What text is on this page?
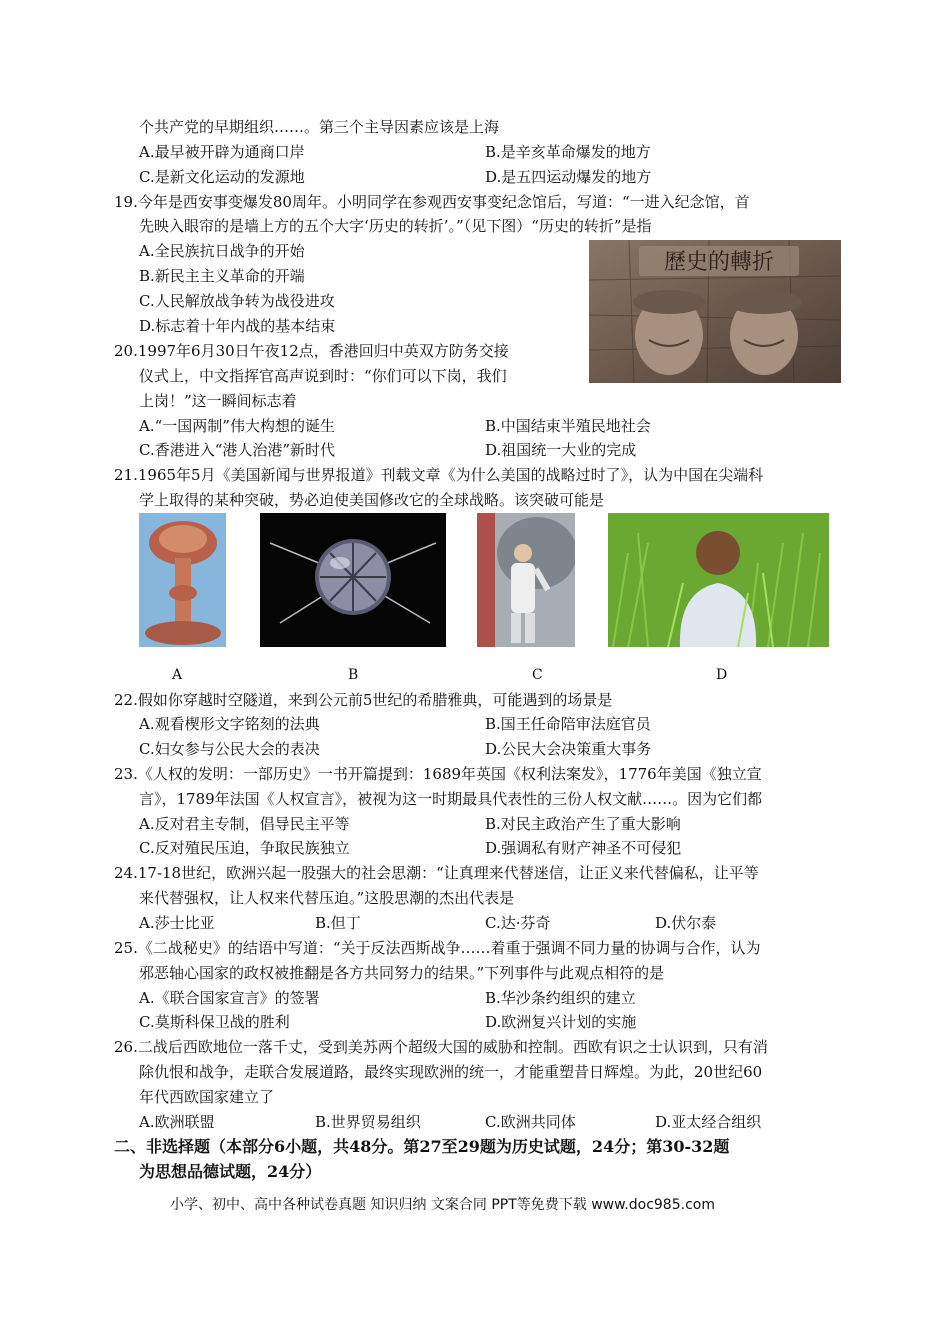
个共产党的早期组织……。第三个主导因素应该是上海
A.最早被开辟为通商口岸	B.是辛亥革命爆发的地方
C.是新文化运动的发源地	D.是五四运动爆发的地方
19.今年是西安事变爆发80周年。小明同学在参观西安事变纪念馆后，写道：“一进入纪念馆，首
先映入眼帘的是墙上方的五个大字‘历史的转折’。”（见下图）“历史的转折”是指
A.全民族抗日战争的开始
B.新民主主义革命的开端
C.人民解放战争转为战役进攻
D.标志着十年内战的基本结束
歷史的轉折
20.1997年6月30日午夜12点，香港回归中英双方防务交接
仪式上，中文指挥官高声说到时：“你们可以下岗，我们
上岗！”这一瞬间标志着
A.“一国两制”伟大构想的诞生	B.中国结束半殖民地社会
C.香港进入“港人治港”新时代	D.祖国统一大业的完成
21.1965年5月《美国新闻与世界报道》刊载文章《为什么美国的战略过时了》，认为中国在尖端科
学上取得的某种突破，势必迫使美国修改它的全球战略。该突破可能是
A	B	C	D
22.假如你穿越时空隧道，来到公元前5世纪的希腊雅典，可能遇到的场景是
A.观看楔形文字铭刻的法典	B.国王任命陪审法庭官员
C.妇女参与公民大会的表决	D.公民大会决策重大事务
23.《人权的发明：一部历史》一书开篇提到：1689年英国《权利法案发》，1776年美国《独立宣
言》，1789年法国《人权宣言》，被视为这一时期最具代表性的三份人权文献……。因为它们都
A.反对君主专制，倡导民主平等	B.对民主政治产生了重大影响
C.反对殖民压迫，争取民族独立	D.强调私有财产神圣不可侵犯
24.17-18世纪，欧洲兴起一股强大的社会思潮：“让真理来代替迷信，让正义来代替偏私，让平等
来代替强权，让人权来代替压迫。”这股思潮的杰出代表是
A.莎士比亚	B.但丁	C.达·芬奇	D.伏尔泰
25.《二战秘史》的结语中写道：“关于反法西斯战争……着重于强调不同力量的协调与合作，认为
邪恶轴心国家的政权被推翻是各方共同努力的结果。”下列事件与此观点相符的是
A.《联合国家宣言》的签署	B.华沙条约组织的建立
C.莫斯科保卫战的胜利	D.欧洲复兴计划的实施
26.二战后西欧地位一落千丈，受到美苏两个超级大国的威胁和控制。西欧有识之士认识到，只有消
除仇恨和战争，走联合发展道路，最终实现欧洲的统一，才能重塑昔日辉煌。为此，20世纪60
年代西欧国家建立了
A.欧洲联盟	B.世界贸易组织	C.欧洲共同体	D.亚太经合组织
二、非选择题（本部分6小题，共48分。第27至29题为历史试题，24分；第30-32题
为思想品德试题，24分）
小学、初中、高中各种试卷真题 知识归纳 文案合同 PPT等免费下载 www.doc985.com
